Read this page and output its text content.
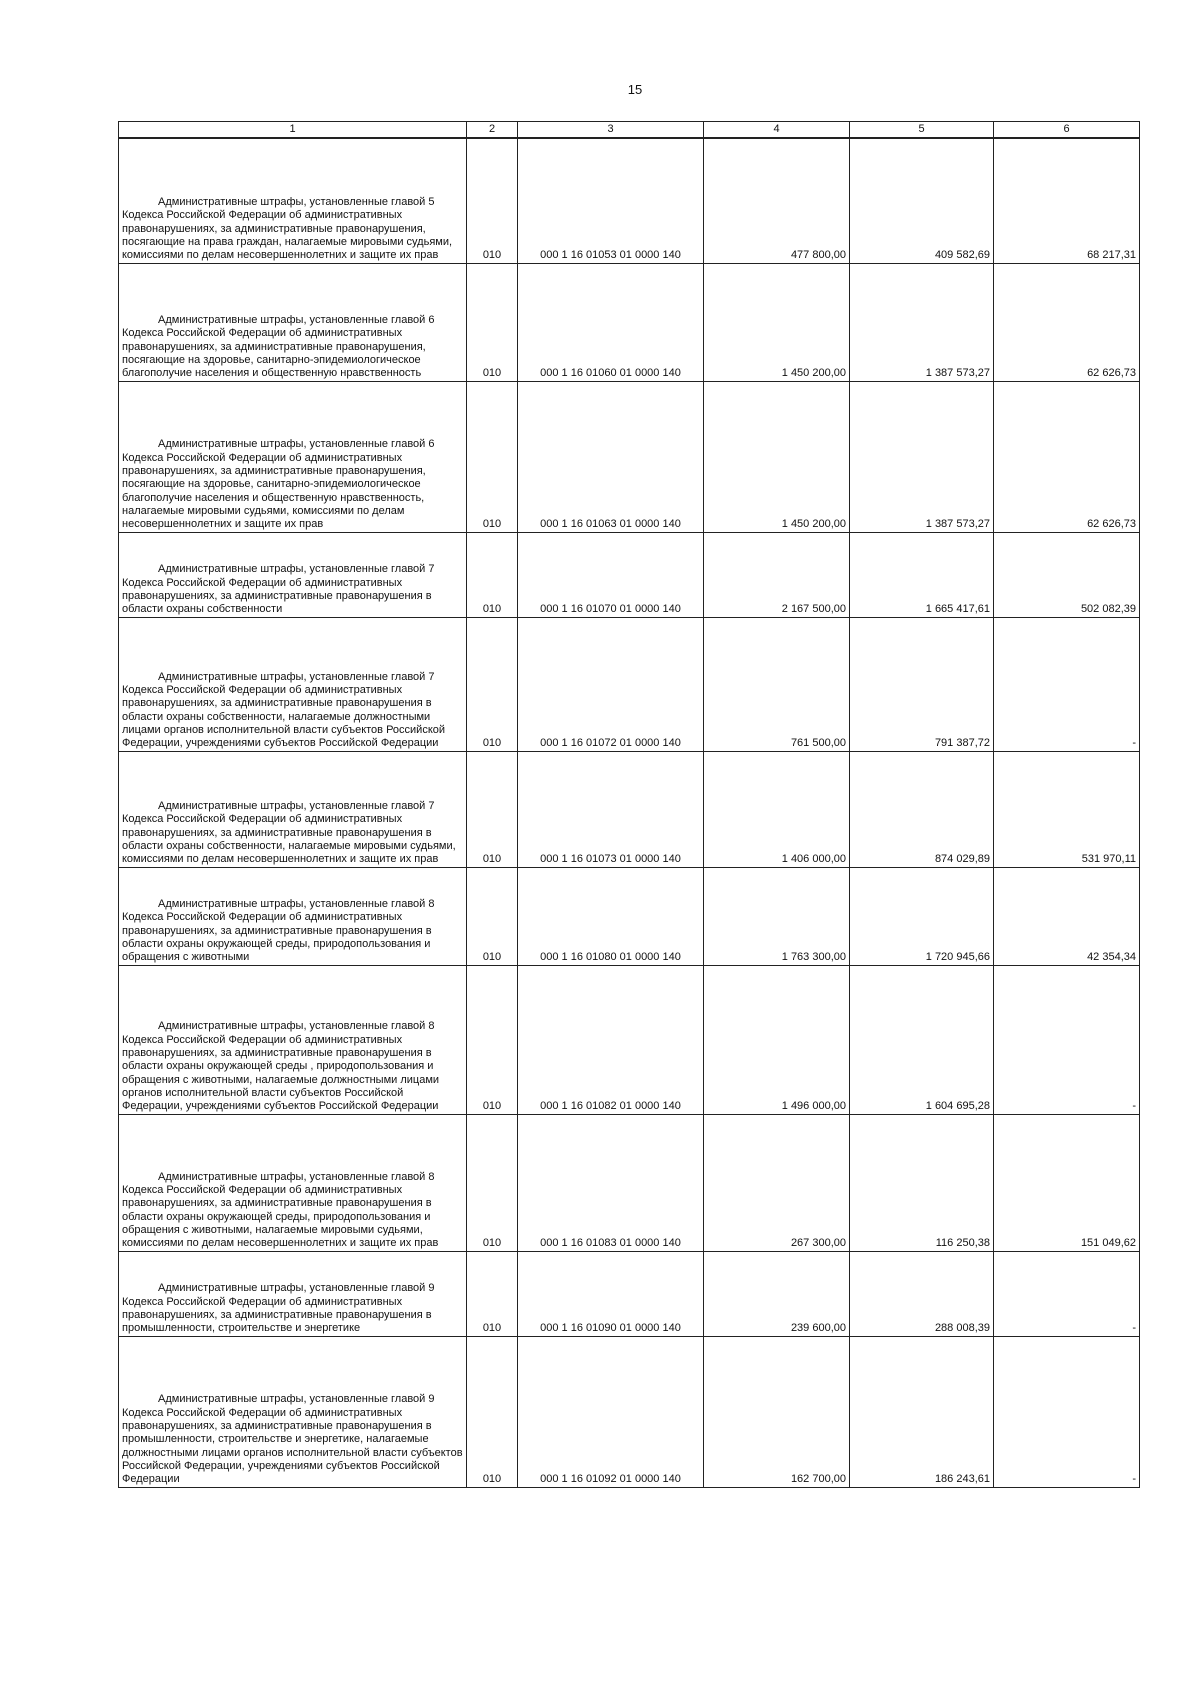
15
1	2	3	4	5	6

Административные штрафы, установленные главой 5
Кодекса Российской Федерации об административных правонарушениях, за административные правонарушения, посягающие на права граждан, налагаемые мировыми судьями, комиссиями по делам несовершеннолетних и защите их прав	010	000 1 16 01053 01 0000 140	477 800,00	409 582,69	68 217,31

Административные штрафы, установленные главой 6
Кодекса Российской Федерации об административных правонарушениях, за административные правонарушения, посягающие на здоровье, санитарно-эпидемиологическое благополучие населения и общественную нравственность	010	000 1 16 01060 01 0000 140	1 450 200,00	1 387 573,27	62 626,73

Административные штрафы, установленные главой 6
Кодекса Российской Федерации об административных правонарушениях, за административные правонарушения, посягающие на здоровье, санитарно-эпидемиологическое благополучие населения и общественную нравственность, налагаемые мировыми судьями, комиссиями по делам несовершеннолетних и защите их прав	010	000 1 16 01063 01 0000 140	1 450 200,00	1 387 573,27	62 626,73

Административные штрафы, установленные главой 7
Кодекса Российской Федерации об административных правонарушениях, за административные правонарушения в области охраны собственности	010	000 1 16 01070 01 0000 140	2 167 500,00	1 665 417,61	502 082,39

Административные штрафы, установленные главой 7
Кодекса Российской Федерации об административных правонарушениях, за административные правонарушения в области охраны собственности, налагаемые должностными лицами органов исполнительной власти субъектов Российской Федерации, учреждениями субъектов Российской Федерации	010	000 1 16 01072 01 0000 140	761 500,00	791 387,72	-

Административные штрафы, установленные главой 7
Кодекса Российской Федерации об административных правонарушениях, за административные правонарушения в области охраны собственности, налагаемые мировыми судьями, комиссиями по делам несовершеннолетних и защите их прав	010	000 1 16 01073 01 0000 140	1 406 000,00	874 029,89	531 970,11

Административные штрафы, установленные главой 8
Кодекса Российской Федерации об административных правонарушениях, за административные правонарушения в области охраны окружающей среды, природопользования и обращения с животными	010	000 1 16 01080 01 0000 140	1 763 300,00	1 720 945,66	42 354,34

Административные штрафы, установленные главой 8
Кодекса Российской Федерации об административных правонарушениях, за административные правонарушения в области охраны окружающей среды , природопользования и обращения с животными, налагаемые должностными лицами органов исполнительной власти субъектов Российской Федерации, учреждениями субъектов Российской Федерации	010	000 1 16 01082 01 0000 140	1 496 000,00	1 604 695,28	-

Административные штрафы, установленные главой 8
Кодекса Российской Федерации об административных правонарушениях, за административные правонарушения в области охраны окружающей среды, природопользования и обращения с животными, налагаемые мировыми судьями, комиссиями по делам несовершеннолетних и защите их прав	010	000 1 16 01083 01 0000 140	267 300,00	116 250,38	151 049,62

Административные штрафы, установленные главой 9
Кодекса Российской Федерации об административных правонарушениях, за административные правонарушения в промышленности, строительстве и энергетике	010	000 1 16 01090 01 0000 140	239 600,00	288 008,39	-

Административные штрафы, установленные главой 9
Кодекса Российской Федерации об административных правонарушениях, за административные правонарушения в промышленности, строительстве и энергетике, налагаемые должностными лицами органов исполнительной власти субъектов Российской Федерации, учреждениями субъектов Российской Федерации	010	000 1 16 01092 01 0000 140	162 700,00	186 243,61	-
